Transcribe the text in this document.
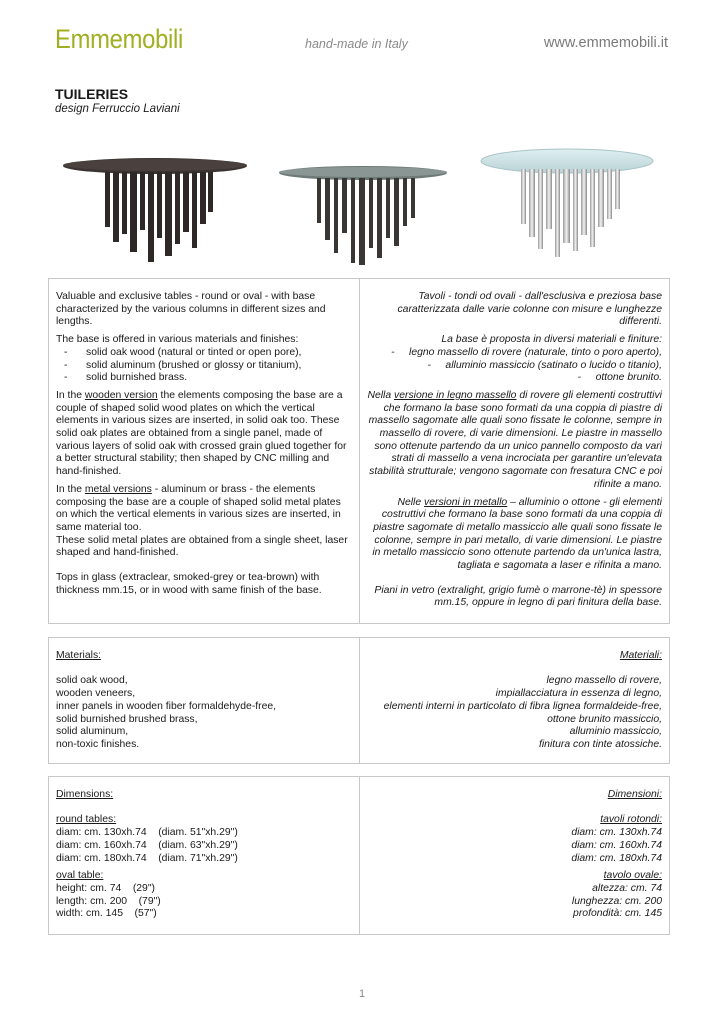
Emmemobili	hand-made in Italy	www.emmemobili.it
TUILERIES
design Ferruccio Laviani

Valuable and exclusive tables - round or oval - with base characterized by the various columns in different sizes and lengths.

The base is offered in various materials and finishes:

- solid oak wood (natural or tinted or open pore),
- solid aluminum (brushed or glossy or titanium),
- solid burnished brass.

In the wooden version the elements composing the base are a couple of shaped solid wood plates on which the vertical elements in various sizes are inserted, in solid oak too. These solid oak plates are obtained from a single panel, made of various layers of solid oak with crossed grain glued together for a better structural stability; then shaped by CNC milling and hand-finished.

In the metal versions - aluminum or brass - the elements composing the base are a couple of shaped solid metal plates on which the vertical elements in various sizes are inserted, in same material too.

These solid metal plates are obtained from a single sheet, laser shaped and hand-finished.

Tops in glass (extraclear, smoked-grey or tea-brown) with thickness mm.15, or in wood with same finish of the base.

Tavoli - tondi od ovali - dall'esclusiva e preziosa base caratterizzata dalle varie colonne con misure e lunghezze differenti.

La base è proposta in diversi materiali e finiture:

-     legno massello di rovere (naturale, tinto o poro aperto),
-     alluminio massiccio (satinato o lucido o titanio),
-     ottone brunito.

Nella versione in legno massello di rovere gli elementi costruttivi che formano la base sono formati da una coppia di piastre di massello sagomate alle quali sono fissate le colonne, sempre in massello di rovere, di varie dimensioni. Le piastre in massello sono ottenute partendo da un unico pannello composto da vari strati di massello a vena incrociata per garantire un'elevata stabilità strutturale; vengono sagomate con fresatura CNC e poi rifinite a mano.

Nelle versioni in metallo – alluminio o ottone - gli elementi costruttivi che formano la base sono formati da una coppia di piastre sagomate di metallo massiccio alle quali sono fissate le colonne, sempre in pari metallo, di varie dimensioni. Le piastre in metallo massiccio sono ottenute partendo da un'unica lastra, tagliata e sagomata a laser e rifinita a mano.

Piani in vetro (extralight, grigio fumè o marrone-tè) in spessore mm.15, oppure in legno di pari finitura della base.

Materials:
solid oak wood,
wooden veneers,
inner panels in wooden fiber formaldehyde-free,
solid burnished brushed brass,
solid aluminum,
non-toxic finishes.
Materiali:
legno massello di rovere,
impiallacciatura in essenza di legno,
elementi interni in particolato di fibra lignea formaldeide-free,
ottone brunito massiccio,
alluminio massiccio,
finitura con tinte atossiche.
Dimensions:
round tables:
diam: cm. 130xh.74    (diam. 51"xh.29")
diam: cm. 160xh.74    (diam. 63"xh.29")
diam: cm. 180xh.74    (diam. 71"xh.29")
oval table:
height: cm. 74    (29")
length: cm. 200    (79")
width: cm. 145    (57")
Dimensioni:
tavoli rotondi:
diam: cm. 130xh.74
diam: cm. 160xh.74
diam: cm. 180xh.74
tavolo ovale:
altezza: cm. 74
lunghezza: cm. 200
profondità: cm. 145
1
